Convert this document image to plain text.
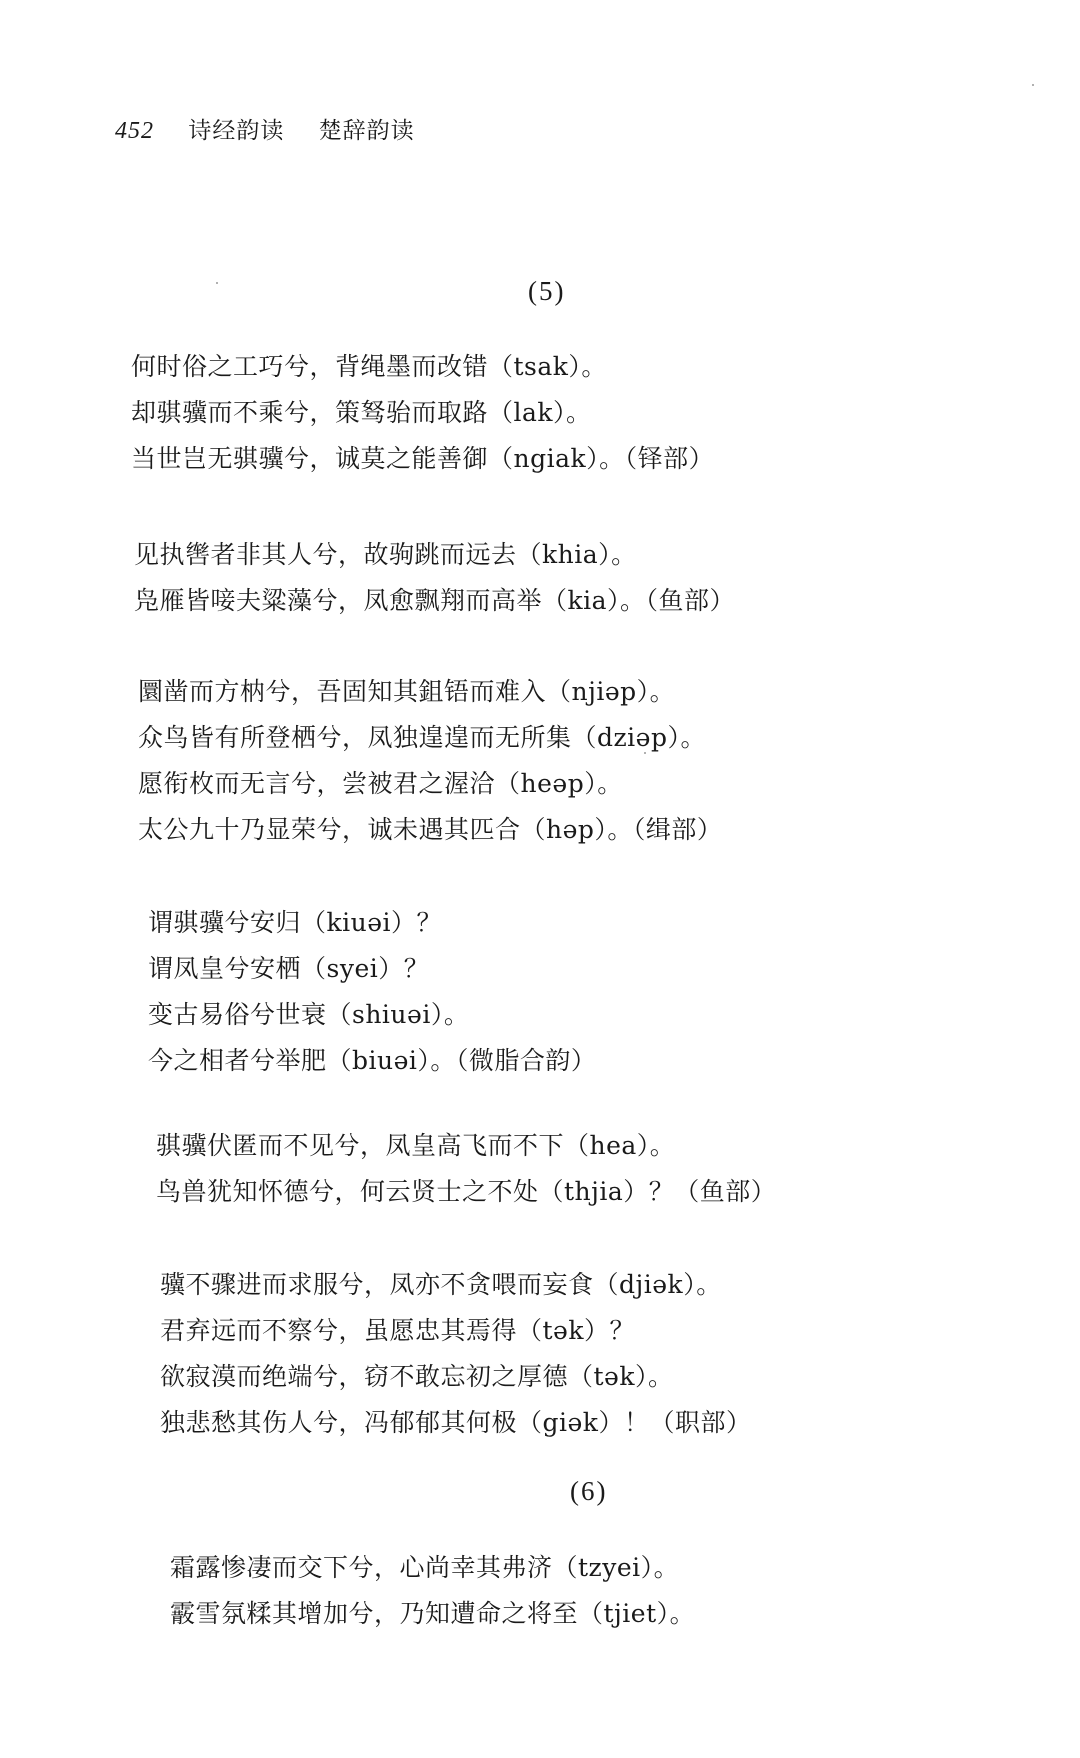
452 诗经韵读 楚辞韵读
(5)
何时俗之工巧兮，背绳墨而改错（tsak）。
却骐骥而不乘兮，策驽骀而取路（lak）。
当世岂无骐骥兮，诚莫之能善御（ngiak）。（铎部）
见执辔者非其人兮，故驹跳而远去（khia）。
凫雁皆唼夫粱藻兮，凤愈飘翔而高举（kia）。（鱼部）
圜凿而方枘兮，吾固知其鉏铻而难入（njiəp）。
众鸟皆有所登栖兮，凤独遑遑而无所集（dziəp）。
愿衔枚而无言兮，尝被君之渥洽（heəp）。
太公九十乃显荣兮，诚未遇其匹合（həp）。（缉部）
谓骐骥兮安归（kiuəi）？
谓凤皇兮安栖（syei）？
变古易俗兮世衰（shiuəi）。
今之相者兮举肥（biuəi）。（微脂合韵）
骐骥伏匿而不见兮，凤皇高飞而不下（hea）。
鸟兽犹知怀德兮，何云贤士之不处（thjia）？（鱼部）
骥不骤进而求服兮，凤亦不贪喂而妄食（djiək）。
君弃远而不察兮，虽愿忠其焉得（tək）？
欲寂漠而绝端兮，窃不敢忘初之厚德（tək）。
独悲愁其伤人兮，冯郁郁其何极（giək）！（职部）
(6)
霜露惨凄而交下兮，心尚幸其弗济（tzyei）。
霰雪氛糅其增加兮，乃知遭命之将至（tjiet）。
